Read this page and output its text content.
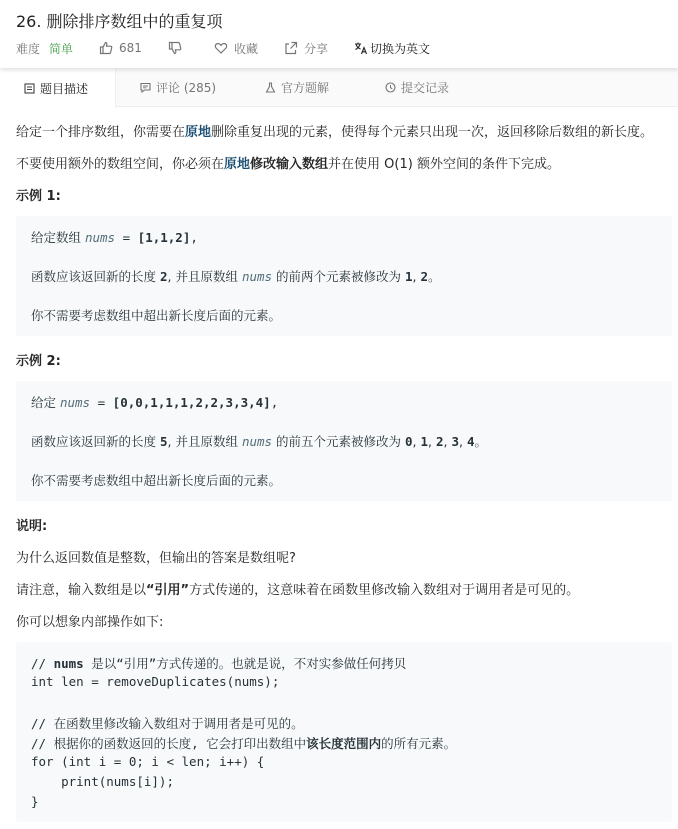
26. 删除排序数组中的重复项
难度 简单	681	收藏	分享	切换为英文
题目描述	评论 (285)	官方题解	提交记录
给定一个排序数组，你需要在原地删除重复出现的元素，使得每个元素只出现一次，返回移除后数组的新长度。
不要使用额外的数组空间，你必须在原地修改输入数组并在使用 O(1) 额外空间的条件下完成。
示例 1:
给定数组 nums = [1,1,2],
函数应该返回新的长度 2, 并且原数组 nums 的前两个元素被修改为 1, 2。
你不需要考虑数组中超出新长度后面的元素。
示例 2:
给定 nums = [0,0,1,1,1,2,2,3,3,4],
函数应该返回新的长度 5, 并且原数组 nums 的前五个元素被修改为 0, 1, 2, 3, 4。
你不需要考虑数组中超出新长度后面的元素。
说明:
为什么返回数值是整数，但输出的答案是数组呢?
请注意，输入数组是以“引用”方式传递的，这意味着在函数里修改输入数组对于调用者是可见的。
你可以想象内部操作如下:
// nums 是以“引用”方式传递的。也就是说，不对实参做任何拷贝
int len = removeDuplicates(nums);
// 在函数里修改输入数组对于调用者是可见的。
// 根据你的函数返回的长度, 它会打印出数组中该长度范围内的所有元素。
for (int i = 0; i < len; i++) {
print(nums[i]);
}
